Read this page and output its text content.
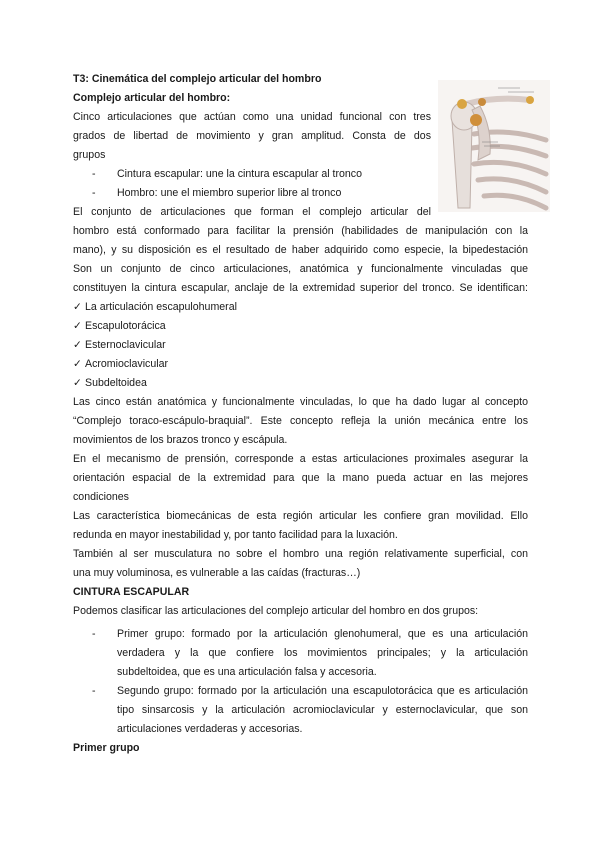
T3: Cinemática del complejo articular del hombro
Complejo articular del hombro:
Cinco articulaciones que actúan como una unidad funcional con tres
grados de libertad de movimiento y gran amplitud. Consta de dos
grupos
- Cintura escapular: une la cintura escapular al tronco
- Hombro: une el miembro superior libre al tronco
El conjunto de articulaciones que forman el complejo articular del
hombro está conformado para facilitar la prensión (habilidades de manipulación con la
mano), y su disposición es el resultado de haber adquirido como especie, la bipedestación
Son un conjunto de cinco articulaciones, anatómica y funcionalmente vinculadas que
constituyen la cintura escapular, anclaje de la extremidad superior del tronco. Se identifican:
✓ La articulación escapulohumeral
✓ Escapulotorácica
✓ Esternoclavicular
✓ Acromioclavicular
✓ Subdeltoidea
Las cinco están anatómica y funcionalmente vinculadas, lo que ha dado lugar al concepto
“Complejo toraco-escápulo-braquial”. Este concepto refleja la unión mecánica entre los
movimientos de los brazos tronco y escápula.
En el mecanismo de prensión, corresponde a estas articulaciones proximales asegurar la
orientación espacial de la extremidad para que la mano pueda actuar en las mejores
condiciones
Las característica biomecánicas de esta región articular les confiere gran movilidad. Ello
redunda en mayor inestabilidad y, por tanto facilidad para la luxación.
También al ser musculatura no sobre el hombro una región relativamente superficial, con
una muy voluminosa, es vulnerable a las caídas (fracturas…)
CINTURA ESCAPULAR
Podemos clasificar las articulaciones del complejo articular del hombro en dos grupos:
- Primer grupo: formado por la articulación glenohumeral, que es una articulación
verdadera y la que confiere los movimientos principales; y la articulación
subdeltoidea, que es una articulación falsa y accesoria.
- Segundo grupo: formado por la articulación una escapulotorácica que es articulación
tipo sinsarcosis y la articulación acromioclavicular y esternoclavicular, que son
articulaciones verdaderas y accesorias.
Primer grupo
